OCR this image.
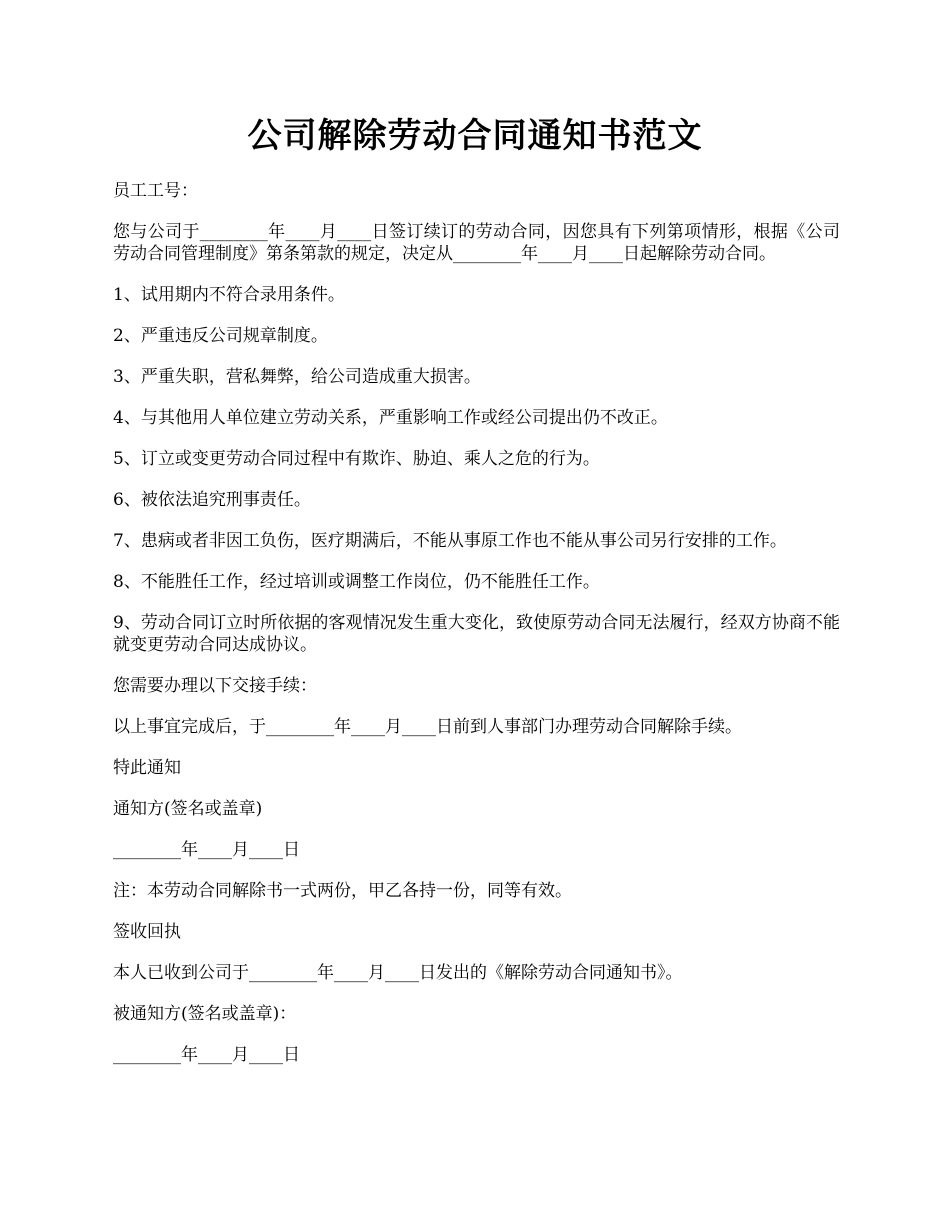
公司解除劳动合同通知书范文

员工工号：

您与公司于________年____月____日签订续订的劳动合同，因您具有下列第项情形，根据《公司劳动合同管理制度》第条第款的规定，决定从________年____月____日起解除劳动合同。

1、试用期内不符合录用条件。

2、严重违反公司规章制度。

3、严重失职，营私舞弊，给公司造成重大损害。

4、与其他用人单位建立劳动关系，严重影响工作或经公司提出仍不改正。

5、订立或变更劳动合同过程中有欺诈、胁迫、乘人之危的行为。

6、被依法追究刑事责任。

7、患病或者非因工负伤，医疗期满后，不能从事原工作也不能从事公司另行安排的工作。

8、不能胜任工作，经过培训或调整工作岗位，仍不能胜任工作。

9、劳动合同订立时所依据的客观情况发生重大变化，致使原劳动合同无法履行，经双方协商不能就变更劳动合同达成协议。

您需要办理以下交接手续：

以上事宜完成后，于________年____月____日前到人事部门办理劳动合同解除手续。

特此通知

通知方(签名或盖章)

________年____月____日

注：本劳动合同解除书一式两份，甲乙各持一份，同等有效。

签收回执

本人已收到公司于________年____月____日发出的《解除劳动合同通知书》。

被通知方(签名或盖章)：

________年____月____日
